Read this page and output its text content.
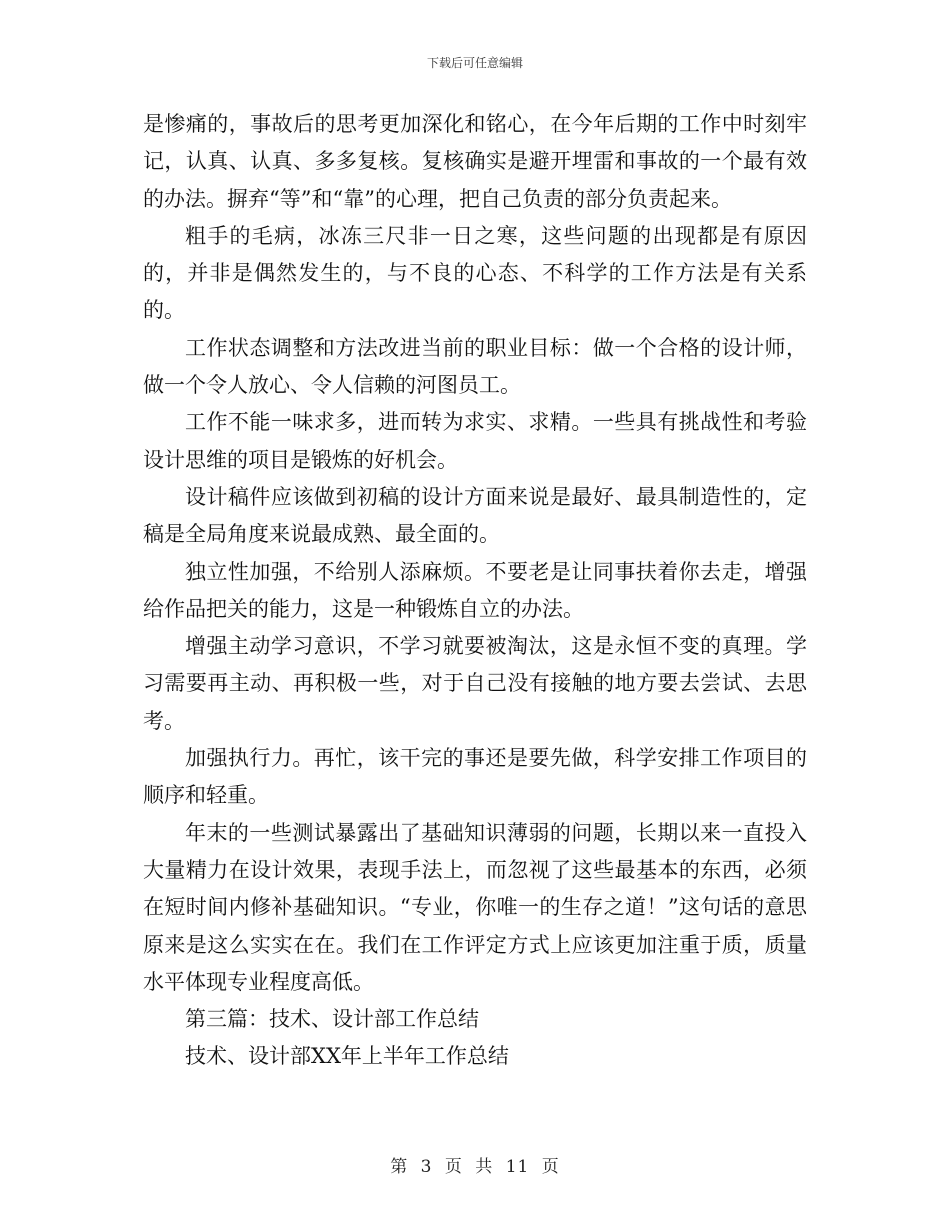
下载后可任意编辑

是惨痛的，事故后的思考更加深化和铭心，在今年后期的工作中时刻牢记，认真、认真、多多复核。复核确实是避开埋雷和事故的一个最有效的办法。摒弃“等”和“靠”的心理，把自己负责的部分负责起来。

粗手的毛病，冰冻三尺非一日之寒，这些问题的出现都是有原因的，并非是偶然发生的，与不良的心态、不科学的工作方法是有关系的。

工作状态调整和方法改进当前的职业目标：做一个合格的设计师，做一个令人放心、令人信赖的河图员工。

工作不能一味求多，进而转为求实、求精。一些具有挑战性和考验设计思维的项目是锻炼的好机会。

设计稿件应该做到初稿的设计方面来说是最好、最具制造性的，定稿是全局角度来说最成熟、最全面的。

独立性加强，不给别人添麻烦。不要老是让同事扶着你去走，增强给作品把关的能力，这是一种锻炼自立的办法。

增强主动学习意识，不学习就要被淘汰，这是永恒不变的真理。学习需要再主动、再积极一些，对于自己没有接触的地方要去尝试、去思考。

加强执行力。再忙，该干完的事还是要先做，科学安排工作项目的顺序和轻重。

年末的一些测试暴露出了基础知识薄弱的问题，长期以来一直投入大量精力在设计效果，表现手法上，而忽视了这些最基本的东西，必须在短时间内修补基础知识。“专业，你唯一的生存之道！”这句话的意思原来是这么实实在在。我们在工作评定方式上应该更加注重于质，质量水平体现专业程度高低。

第三篇：技术、设计部工作总结

技术、设计部XX年上半年工作总结

第 3 页 共 11 页
